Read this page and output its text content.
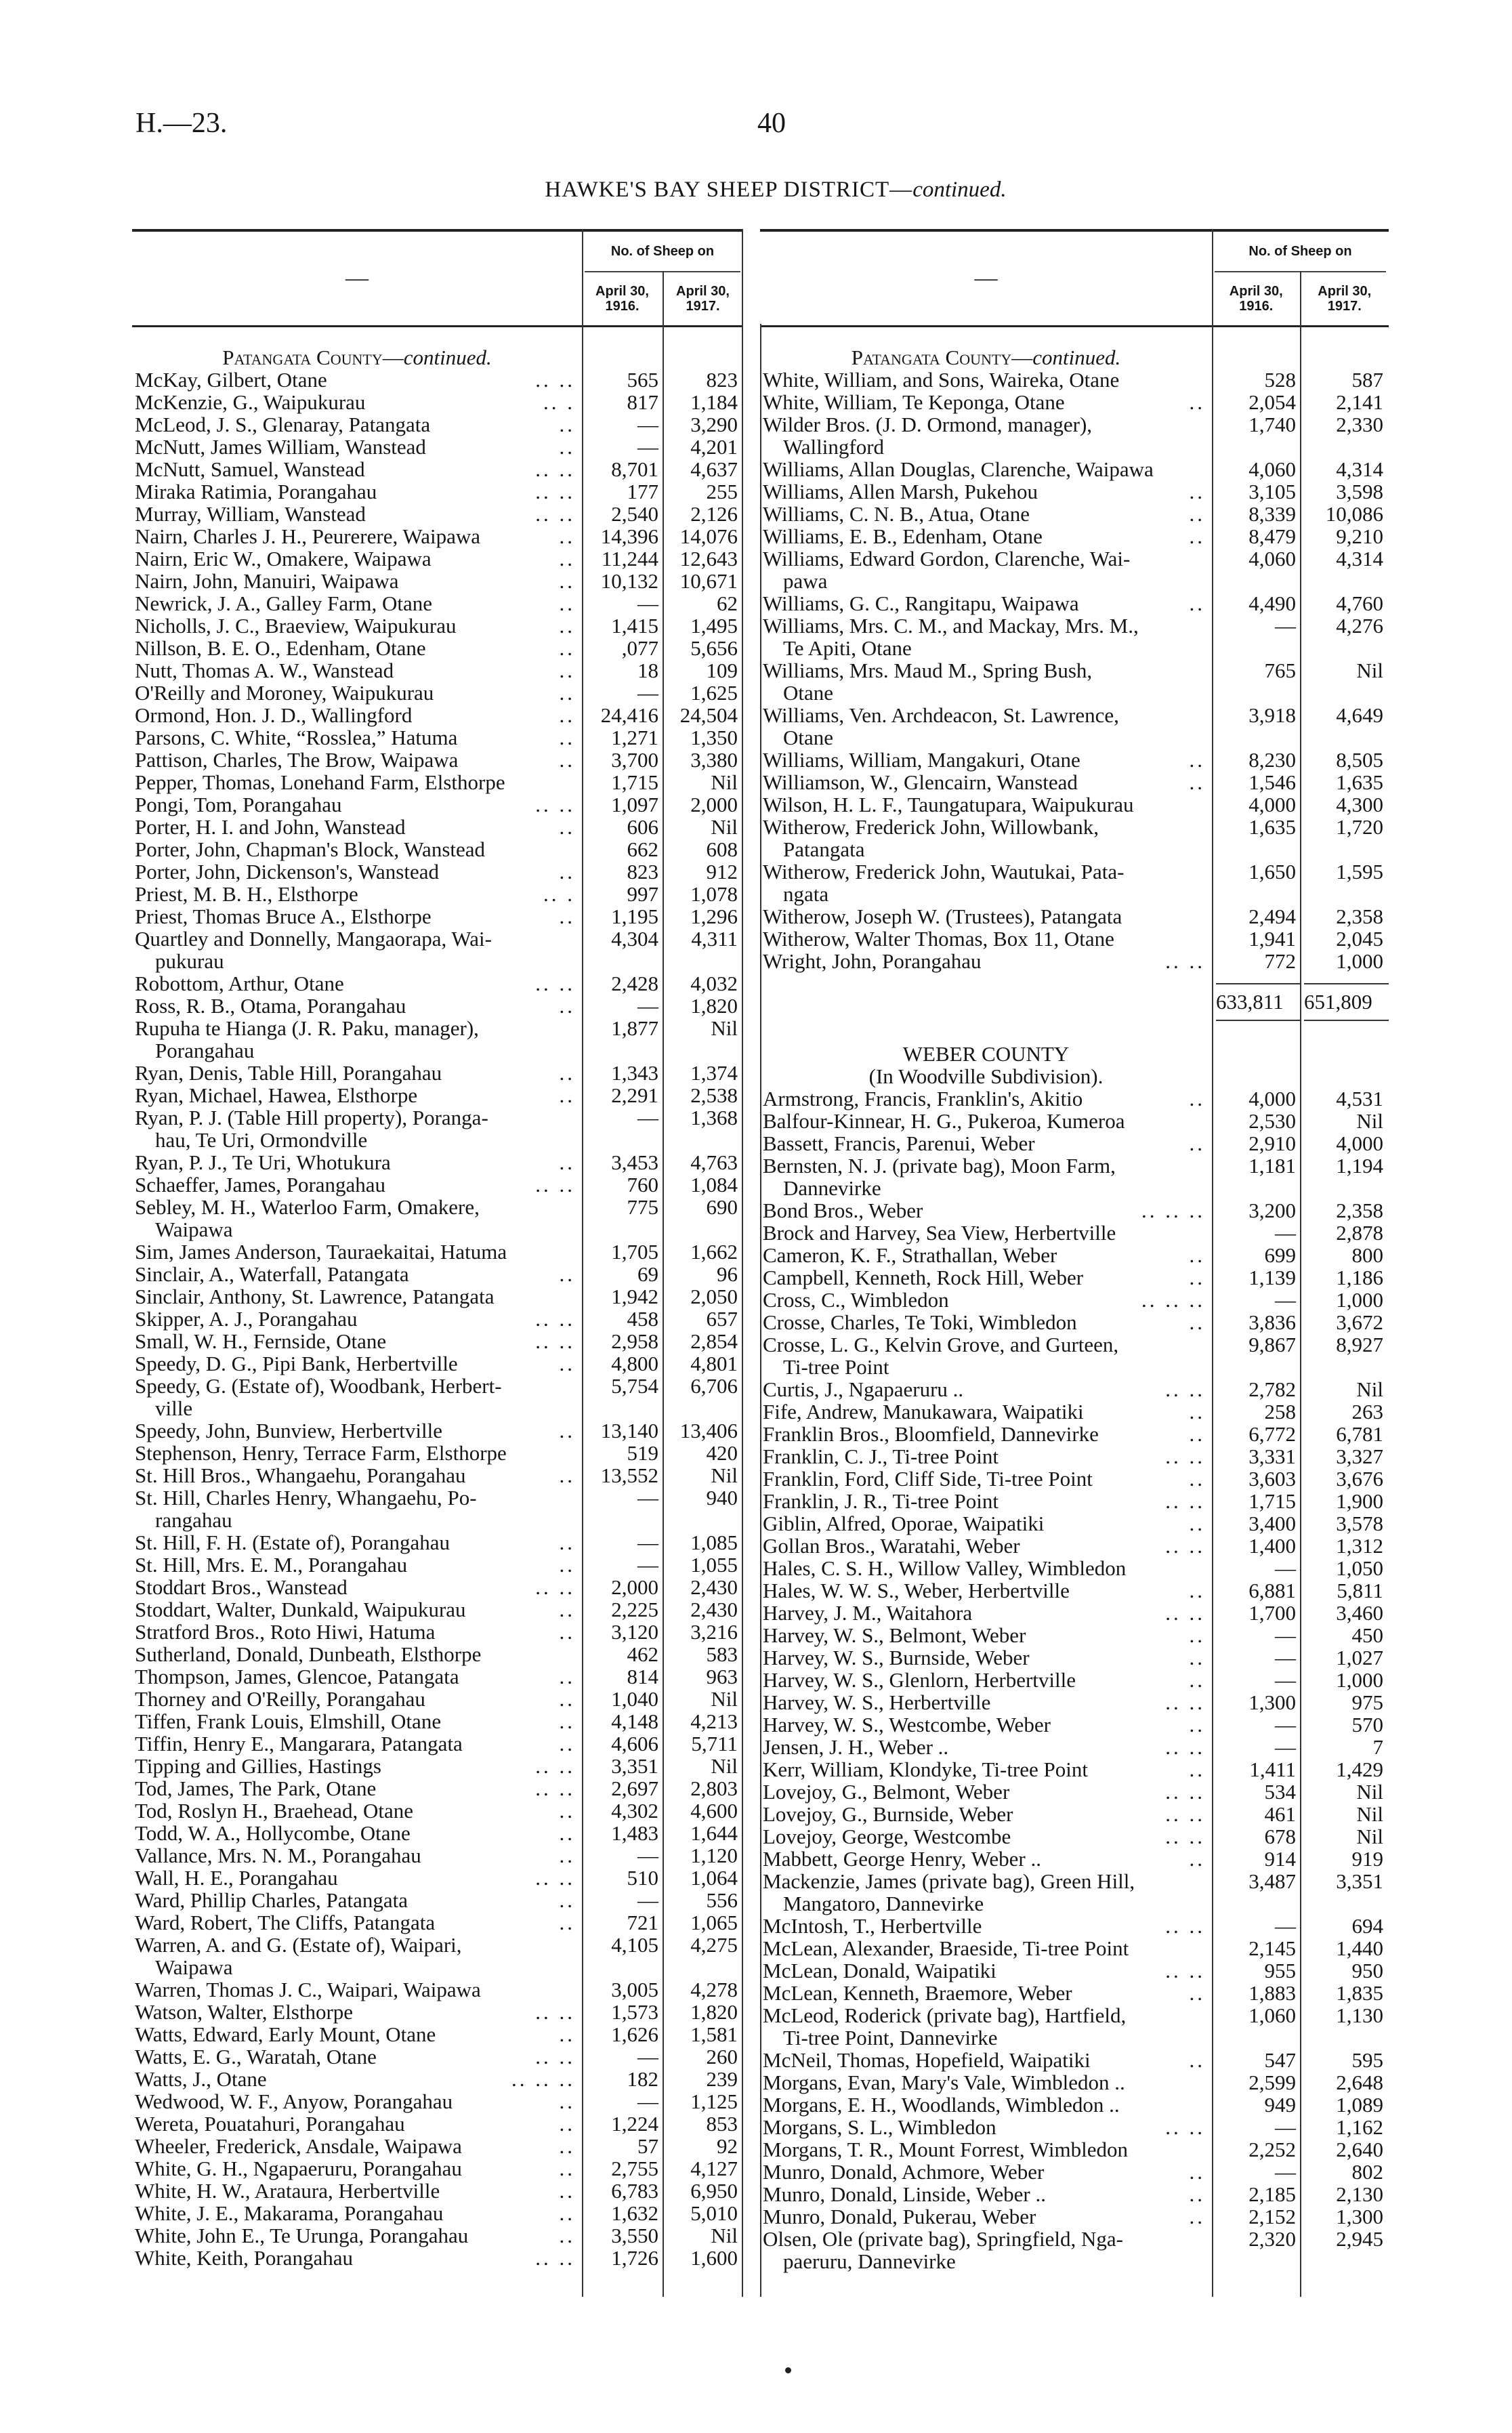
H.—23.	40
HAWKE'S BAY SHEEP DISTRICT—continued.
—
No. of Sheep on
April 30,
1916.
April 30,
1917.
Patangata County—continued.
McKay, Gilbert, Otane	.. ..	565	823
McKenzie, G., Waipukurau	.. .	817	1,184
McLeod, J. S., Glenaray, Patangata	..	—	3,290
McNutt, James William, Wanstead	..	—	4,201
McNutt, Samuel, Wanstead	.. ..	8,701	4,637
Miraka Ratimia, Porangahau	.. ..	177	255
Murray, William, Wanstead	.. ..	2,540	2,126
Nairn, Charles J. H., Peurerere, Waipawa	..	14,396	14,076
Nairn, Eric W., Omakere, Waipawa	..	11,244	12,643
Nairn, John, Manuiri, Waipawa	..	10,132	10,671
Newrick, J. A., Galley Farm, Otane	..	—	62
Nicholls, J. C., Braeview, Waipukurau	..	1,415	1,495
Nillson, B. E. O., Edenham, Otane	..	,077	5,656
Nutt, Thomas A. W., Wanstead	..	18	109
O'Reilly and Moroney, Waipukurau	..	—	1,625
Ormond, Hon. J. D., Wallingford	..	24,416	24,504
Parsons, C. White, “Rosslea,” Hatuma	..	1,271	1,350
Pattison, Charles, The Brow, Waipawa	..	3,700	3,380
Pepper, Thomas, Lonehand Farm, Elsthorpe	1,715	Nil
Pongi, Tom, Porangahau	.. ..	1,097	2,000
Porter, H. I. and John, Wanstead	..	606	Nil
Porter, John, Chapman's Block, Wanstead	662	608
Porter, John, Dickenson's, Wanstead	..	823	912
Priest, M. B. H., Elsthorpe	.. .	997	1,078
Priest, Thomas Bruce A., Elsthorpe	..	1,195	1,296
Quartley and Donnelly, Mangaorapa, Wai-
pukurau
4,304	4,311
Robottom, Arthur, Otane	.. ..	2,428	4,032
Ross, R. B., Otama, Porangahau	..	—	1,820
Rupuha te Hianga (J. R. Paku, manager),
Porangahau
1,877	Nil
Ryan, Denis, Table Hill, Porangahau	..	1,343	1,374
Ryan, Michael, Hawea, Elsthorpe	..	2,291	2,538
Ryan, P. J. (Table Hill property), Poranga-
hau, Te Uri, Ormondville
—	1,368
Ryan, P. J., Te Uri, Whotukura	..	3,453	4,763
Schaeffer, James, Porangahau	.. ..	760	1,084
Sebley, M. H., Waterloo Farm, Omakere,
Waipawa
775	690
Sim, James Anderson, Tauraekaitai, Hatuma	1,705	1,662
Sinclair, A., Waterfall, Patangata	..	69	96
Sinclair, Anthony, St. Lawrence, Patangata	1,942	2,050
Skipper, A. J., Porangahau	.. ..	458	657
Small, W. H., Fernside, Otane	.. ..	2,958	2,854
Speedy, D. G., Pipi Bank, Herbertville	..	4,800	4,801
Speedy, G. (Estate of), Woodbank, Herbert-
ville
5,754	6,706
Speedy, John, Bunview, Herbertville	..	13,140	13,406
Stephenson, Henry, Terrace Farm, Elsthorpe	519	420
St. Hill Bros., Whangaehu, Porangahau	..	13,552	Nil
St. Hill, Charles Henry, Whangaehu, Po-
rangahau
—	940
St. Hill, F. H. (Estate of), Porangahau	..	—	1,085
St. Hill, Mrs. E. M., Porangahau	..	—	1,055
Stoddart Bros., Wanstead	.. ..	2,000	2,430
Stoddart, Walter, Dunkald, Waipukurau	..	2,225	2,430
Stratford Bros., Roto Hiwi, Hatuma	..	3,120	3,216
Sutherland, Donald, Dunbeath, Elsthorpe	462	583
Thompson, James, Glencoe, Patangata	..	814	963
Thorney and O'Reilly, Porangahau	..	1,040	Nil
Tiffen, Frank Louis, Elmshill, Otane	..	4,148	4,213
Tiffin, Henry E., Mangarara, Patangata	..	4,606	5,711
Tipping and Gillies, Hastings	.. ..	3,351	Nil
Tod, James, The Park, Otane	.. ..	2,697	2,803
Tod, Roslyn H., Braehead, Otane	..	4,302	4,600
Todd, W. A., Hollycombe, Otane	..	1,483	1,644
Vallance, Mrs. N. M., Porangahau	..	—	1,120
Wall, H. E., Porangahau	.. ..	510	1,064
Ward, Phillip Charles, Patangata	..	—	556
Ward, Robert, The Cliffs, Patangata	..	721	1,065
Warren, A. and G. (Estate of), Waipari,
Waipawa
4,105	4,275
Warren, Thomas J. C., Waipari, Waipawa	3,005	4,278
Watson, Walter, Elsthorpe	.. ..	1,573	1,820
Watts, Edward, Early Mount, Otane	..	1,626	1,581
Watts, E. G., Waratah, Otane	.. ..	—	260
Watts, J., Otane	.. .. ..	182	239
Wedwood, W. F., Anyow, Porangahau	..	—	1,125
Wereta, Pouatahuri, Porangahau	..	1,224	853
Wheeler, Frederick, Ansdale, Waipawa	..	57	92
White, G. H., Ngapaeruru, Porangahau	..	2,755	4,127
White, H. W., Arataura, Herbertville	..	6,783	6,950
White, J. E., Makarama, Porangahau	..	1,632	5,010
White, John E., Te Urunga, Porangahau	..	3,550	Nil
White, Keith, Porangahau	.. ..	1,726	1,600
—
No. of Sheep on
April 30,
1916.
April 30,
1917.
Patangata County—continued.
White, William, and Sons, Waireka, Otane	528	587
White, William, Te Keponga, Otane	..	2,054	2,141
Wilder Bros. (J. D. Ormond, manager),
Wallingford
1,740	2,330
Williams, Allan Douglas, Clarenche, Waipawa	4,060	4,314
Williams, Allen Marsh, Pukehou	..	3,105	3,598
Williams, C. N. B., Atua, Otane	..	8,339	10,086
Williams, E. B., Edenham, Otane	..	8,479	9,210
Williams, Edward Gordon, Clarenche, Wai-
pawa
4,060	4,314
Williams, G. C., Rangitapu, Waipawa	..	4,490	4,760
Williams, Mrs. C. M., and Mackay, Mrs. M.,
Te Apiti, Otane
—	4,276
Williams, Mrs. Maud M., Spring Bush,
Otane
765	Nil
Williams, Ven. Archdeacon, St. Lawrence,
Otane
3,918	4,649
Williams, William, Mangakuri, Otane	..	8,230	8,505
Williamson, W., Glencairn, Wanstead	..	1,546	1,635
Wilson, H. L. F., Taungatupara, Waipukurau	4,000	4,300
Witherow, Frederick John, Willowbank,
Patangata
1,635	1,720
Witherow, Frederick John, Wautukai, Pata-
ngata
1,650	1,595
Witherow, Joseph W. (Trustees), Patangata	2,494	2,358
Witherow, Walter Thomas, Box 11, Otane	1,941	2,045
Wright, John, Porangahau	.. ..	772	1,000
633,811 651,809
WEBER COUNTY
(In Woodville Subdivision).
Armstrong, Francis, Franklin's, Akitio	..	4,000	4,531
Balfour-Kinnear, H. G., Pukeroa, Kumeroa	2,530	Nil
Bassett, Francis, Parenui, Weber	..	2,910	4,000
Bernsten, N. J. (private bag), Moon Farm,
Dannevirke
1,181	1,194
Bond Bros., Weber	.. .. ..	3,200	2,358
Brock and Harvey, Sea View, Herbertville	—	2,878
Cameron, K. F., Strathallan, Weber	..	699	800
Campbell, Kenneth, Rock Hill, Weber	..	1,139	1,186
Cross, C., Wimbledon	.. .. ..	—	1,000
Crosse, Charles, Te Toki, Wimbledon	..	3,836	3,672
Crosse, L. G., Kelvin Grove, and Gurteen,
Ti-tree Point
9,867	8,927
Curtis, J., Ngapaeruru ..	.. ..	2,782	Nil
Fife, Andrew, Manukawara, Waipatiki	..	258	263
Franklin Bros., Bloomfield, Dannevirke	..	6,772	6,781
Franklin, C. J., Ti-tree Point	.. ..	3,331	3,327
Franklin, Ford, Cliff Side, Ti-tree Point	..	3,603	3,676
Franklin, J. R., Ti-tree Point	.. ..	1,715	1,900
Giblin, Alfred, Oporae, Waipatiki	..	3,400	3,578
Gollan Bros., Waratahi, Weber	.. ..	1,400	1,312
Hales, C. S. H., Willow Valley, Wimbledon	—	1,050
Hales, W. W. S., Weber, Herbertville	..	6,881	5,811
Harvey, J. M., Waitahora	.. ..	1,700	3,460
Harvey, W. S., Belmont, Weber	..	—	450
Harvey, W. S., Burnside, Weber	..	—	1,027
Harvey, W. S., Glenlorn, Herbertville	..	—	1,000
Harvey, W. S., Herbertville	.. ..	1,300	975
Harvey, W. S., Westcombe, Weber	..	—	570
Jensen, J. H., Weber ..	.. ..	—	7
Kerr, William, Klondyke, Ti-tree Point	..	1,411	1,429
Lovejoy, G., Belmont, Weber	.. ..	534	Nil
Lovejoy, G., Burnside, Weber	.. ..	461	Nil
Lovejoy, George, Westcombe	.. ..	678	Nil
Mabbett, George Henry, Weber ..	..	914	919
Mackenzie, James (private bag), Green Hill,
Mangatoro, Dannevirke
3,487	3,351
McIntosh, T., Herbertville	.. ..	—	694
McLean, Alexander, Braeside, Ti-tree Point	2,145	1,440
McLean, Donald, Waipatiki	.. ..	955	950
McLean, Kenneth, Braemore, Weber	..	1,883	1,835
McLeod, Roderick (private bag), Hartfield,
Ti-tree Point, Dannevirke
1,060	1,130
McNeil, Thomas, Hopefield, Waipatiki	..	547	595
Morgans, Evan, Mary's Vale, Wimbledon ..	2,599	2,648
Morgans, E. H., Woodlands, Wimbledon ..	949	1,089
Morgans, S. L., Wimbledon	.. ..	—	1,162
Morgans, T. R., Mount Forrest, Wimbledon	2,252	2,640
Munro, Donald, Achmore, Weber	..	—	802
Munro, Donald, Linside, Weber ..	..	2,185	2,130
Munro, Donald, Pukerau, Weber	..	2,152	1,300
Olsen, Ole (private bag), Springfield, Nga-
paeruru, Dannevirke
2,320	2,945
